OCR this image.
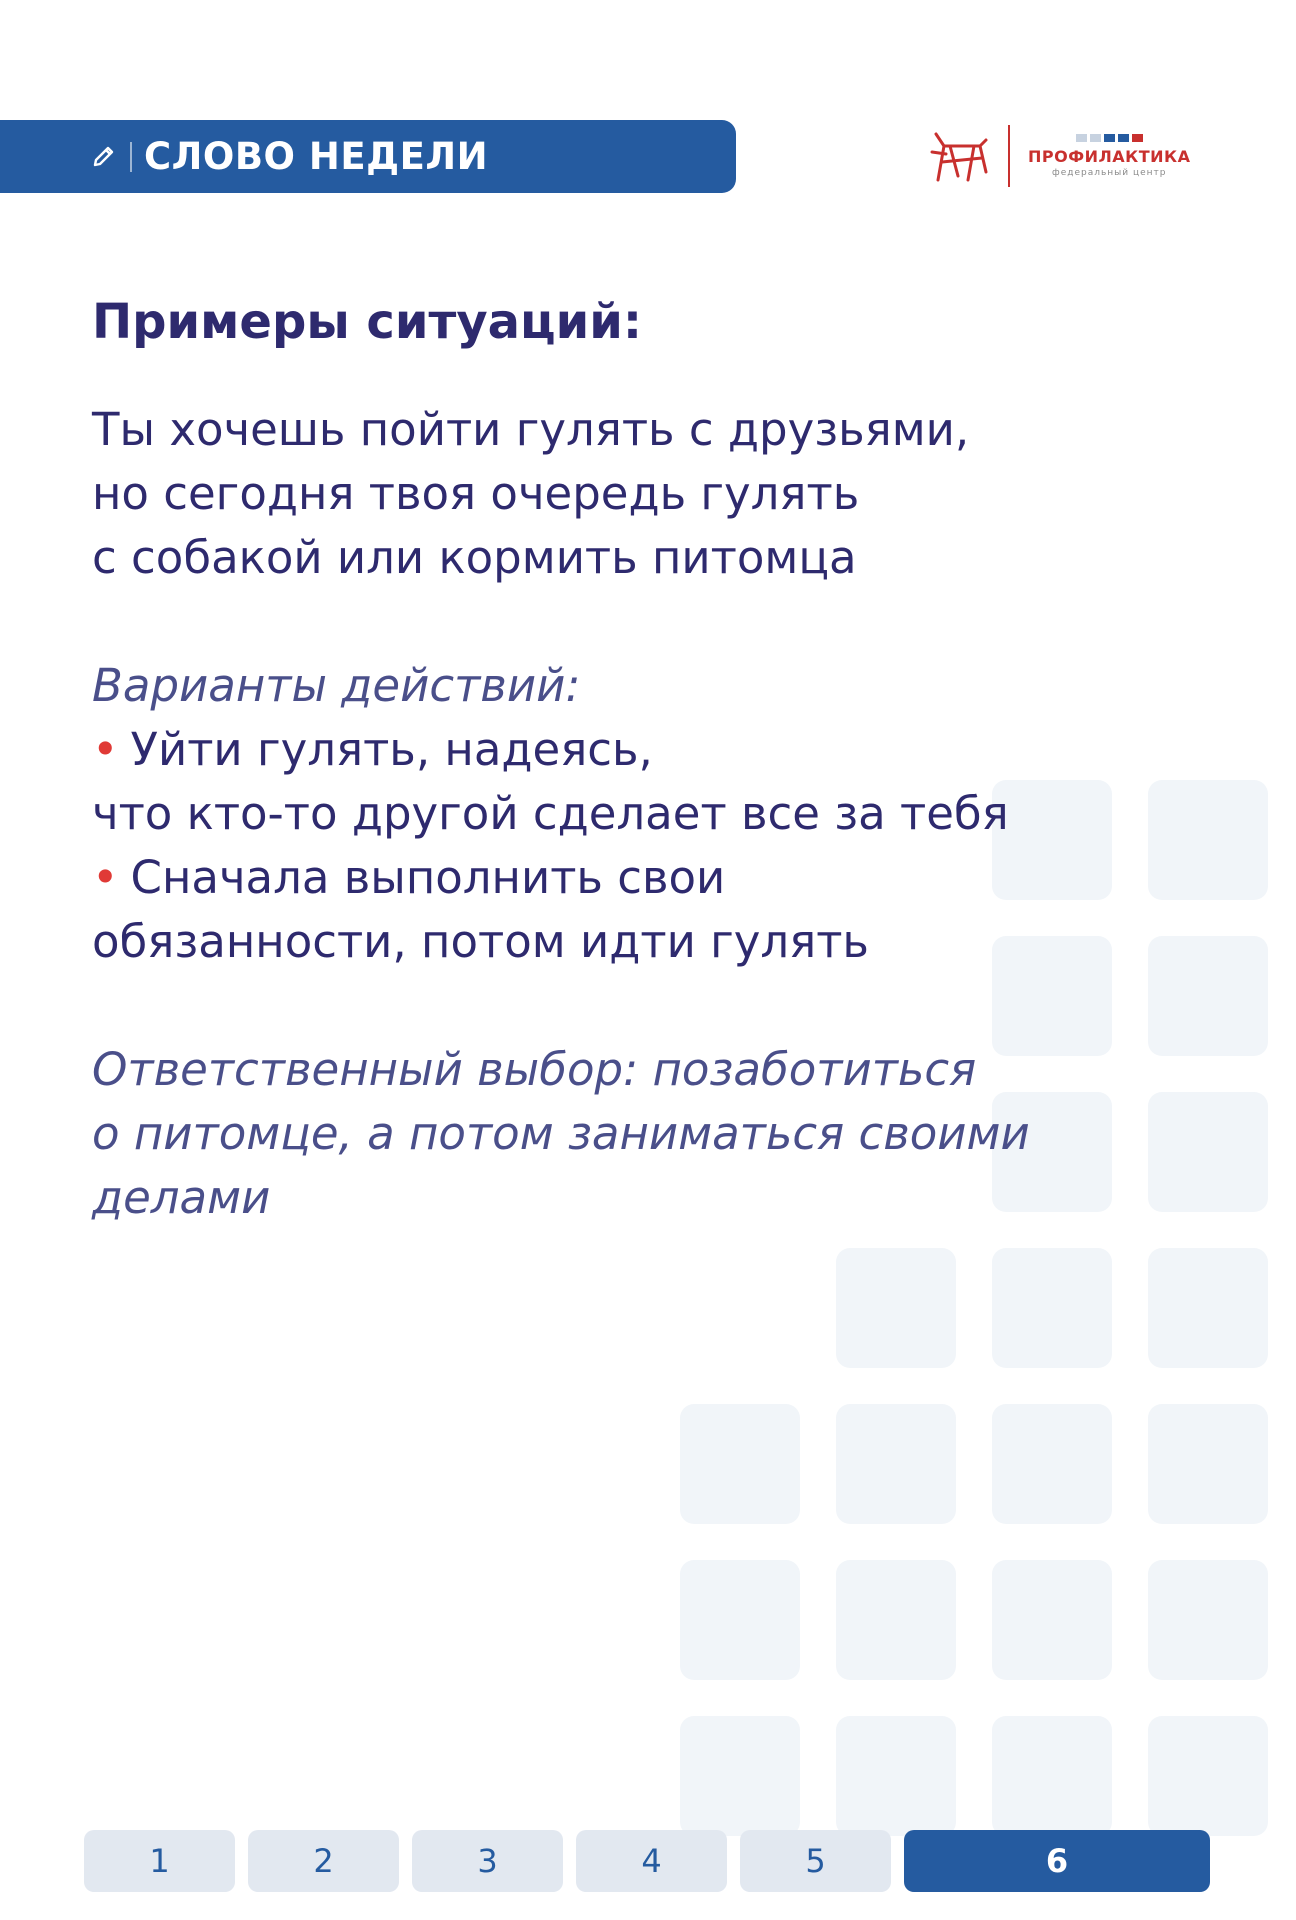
СЛОВО НЕДЕЛИ	ПРОФИЛАКТИКА
федеральный центр
Примеры ситуаций:

Ты хочешь пойти гулять с друзьями,
но сегодня твоя очередь гулять
с собакой или кормить питомца

Варианты действий:

• Уйти гулять, надеясь,
что кто-то другой сделает все за тебя
• Сначала выполнить свои
обязанности, потом идти гулять

Ответственный выбор: позаботиться
о питомце, а потом заниматься своими
делами

1	2	3	4	5	6
